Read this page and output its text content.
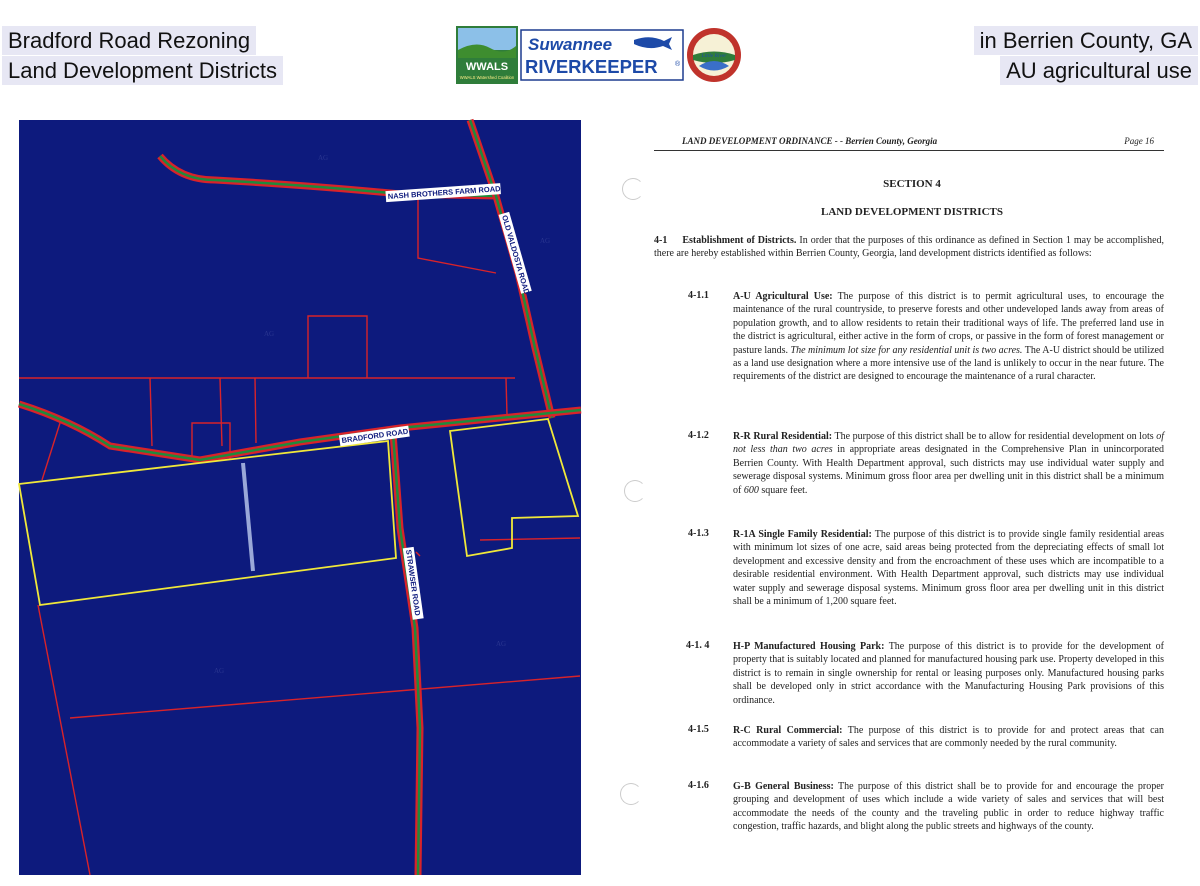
Bradford Road Rezoning
Land Development Districts
in Berrien County, GA
AU agricultural use
WWALS
WWALS Watershed Coalition
Suwannee
RIVERKEEPER ®
Little River
NASH BROTHERS FARM ROAD
OLD VALDOSTA ROAD
BRADFORD ROAD
STRAWSER ROAD
AG
AG
AG
AG
AG
LAND DEVELOPMENT ORDINANCE - - Berrien County, Georgia	Page 16
SECTION 4
LAND DEVELOPMENT DISTRICTS
4-1 Establishment of Districts. In order that the purposes of this ordinance as defined in Section 1 may be accomplished, there are hereby established within Berrien County, Georgia, land development districts identified as follows:
4-1.1 A-U Agricultural Use: The purpose of this district is to permit agricultural uses, to encourage the maintenance of the rural countryside, to preserve forests and other undeveloped lands away from areas of population growth, and to allow residents to retain their traditional ways of life. The preferred land use in the district is agricultural, either active in the form of crops, or passive in the form of forest management or pasture lands. The minimum lot size for any residential unit is two acres. The A-U district should be utilized as a land use designation where a more intensive use of the land is unlikely to occur in the near future. The requirements of the district are designed to encourage the maintenance of a rural character.
4-1.2 R-R Rural Residential: The purpose of this district shall be to allow for residential development on lots of not less than two acres in appropriate areas designated in the Comprehensive Plan in unincorporated Berrien County. With Health Department approval, such districts may use individual water supply and sewerage disposal systems. Minimum gross floor area per dwelling unit in this district shall be a minimum of 600 square feet.
4-1.3 R-1A Single Family Residential: The purpose of this district is to provide single family residential areas with minimum lot sizes of one acre, said areas being protected from the depreciating effects of small lot development and excessive density and from the encroachment of these uses which are incompatible to a desirable residential environment. With Health Department approval, such districts may use individual water supply and sewerage disposal systems. Minimum gross floor area per dwelling unit in this district shall be a minimum of 1,200 square feet.
4-1. 4 H-P Manufactured Housing Park: The purpose of this district is to provide for the development of property that is suitably located and planned for manufactured housing park use. Property developed in this district is to remain in single ownership for rental or leasing purposes only. Manufactured housing parks shall be developed only in strict accordance with the Manufacturing Housing Park provisions of this ordinance.
4-1.5 R-C Rural Commercial: The purpose of this district is to provide for and protect areas that can accommodate a variety of sales and services that are commonly needed by the rural community.
4-1.6 G-B General Business: The purpose of this district shall be to provide for and encourage the proper grouping and development of uses which include a wide variety of sales and services that will best accommodate the needs of the county and the traveling public in order to reduce highway traffic congestion, traffic hazards, and blight along the public streets and highways of the county.
